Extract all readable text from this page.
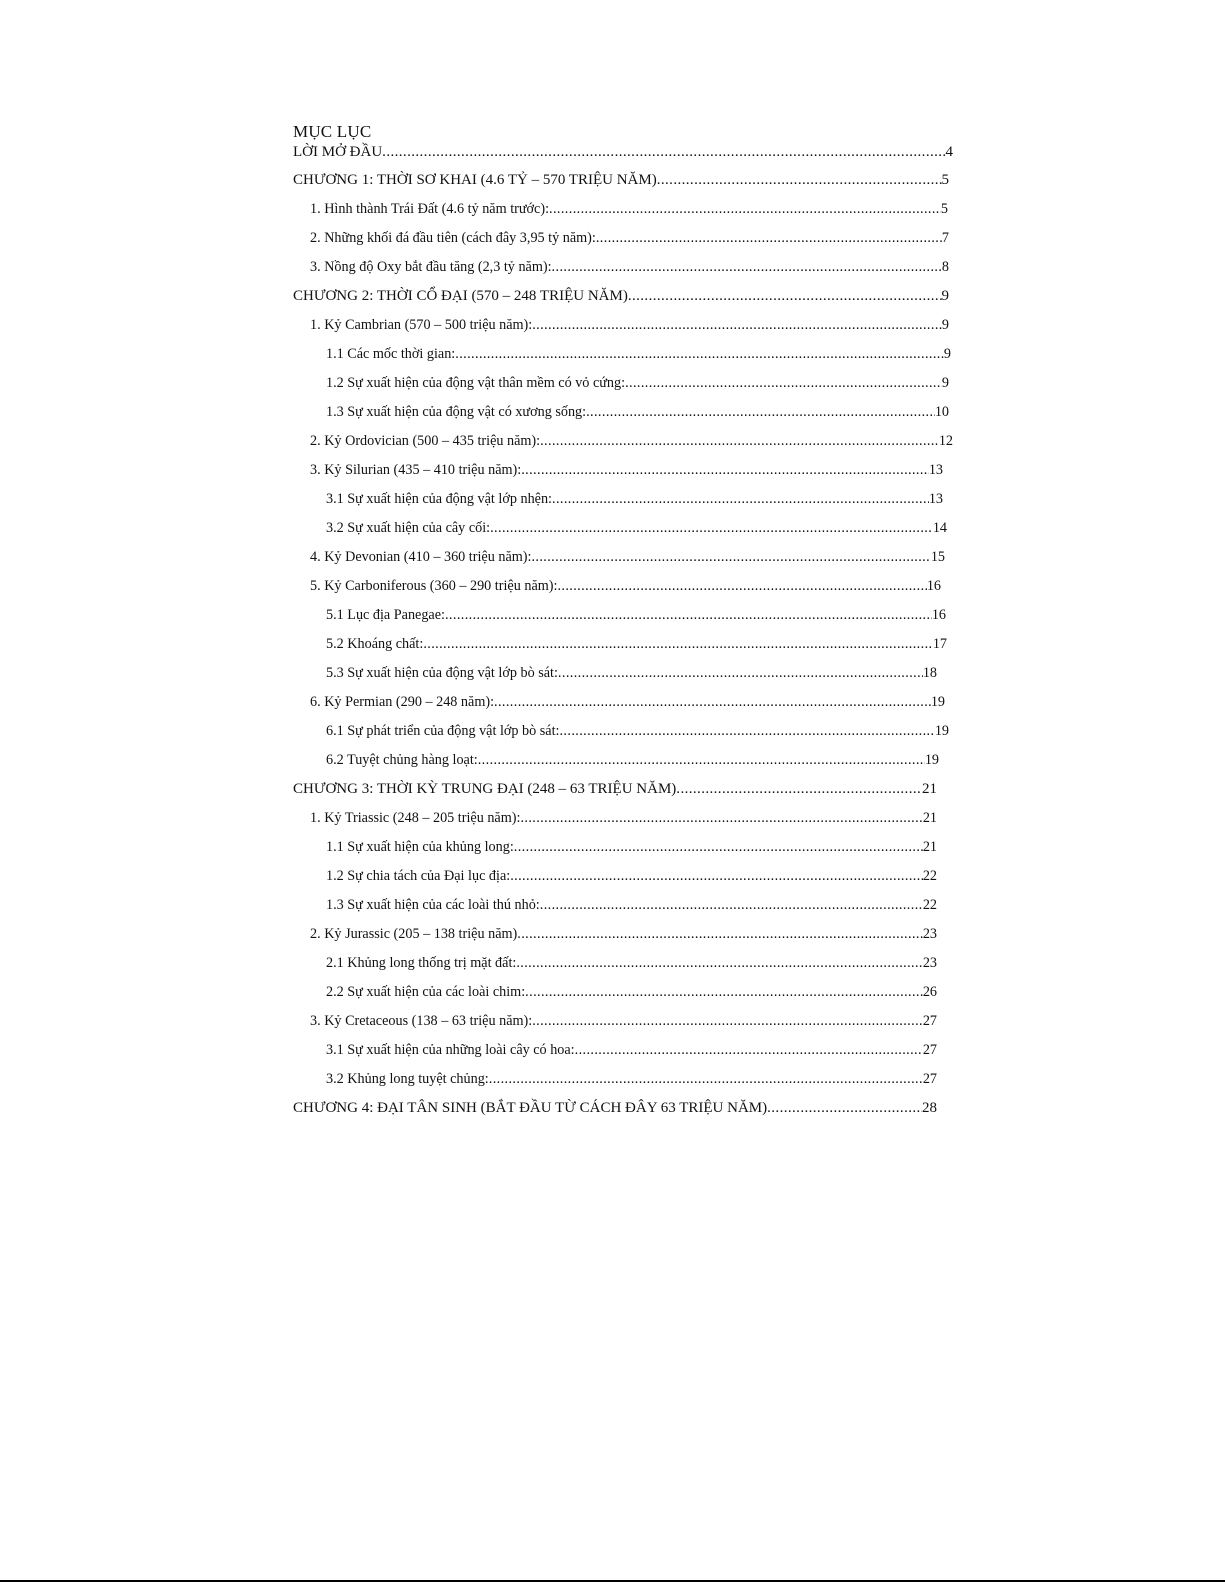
MỤC LỤC
LỜI MỞ ĐẦU .....	4
CHƯƠNG 1: THỜI SƠ KHAI (4.6 TỶ – 570 TRIỆU NĂM) .....	5
1. Hình thành Trái Đất (4.6 tỷ năm trước): .....	5
2. Những khối đá đầu tiên (cách đây 3,95 tỷ năm): .....	7
3. Nồng độ Oxy bắt đầu tăng (2,3 tỷ năm): .....	8
CHƯƠNG 2: THỜI CỔ ĐẠI (570 – 248 TRIỆU NĂM) .....	9
1. Kỷ Cambrian (570 – 500 triệu năm): .....	9
1.1 Các mốc thời gian: .....	9
1.2 Sự xuất hiện của động vật thân mềm có vỏ cứng: .....	9
1.3 Sự xuất hiện của động vật có xương sống: .....	10
2. Kỷ Ordovician (500 – 435 triệu năm): .....	12
3. Kỷ Silurian (435 – 410 triệu năm): .....	13
3.1 Sự xuất hiện của động vật lớp nhện: .....	13
3.2 Sự xuất hiện của cây cối: .....	14
4. Kỷ Devonian (410 – 360 triệu năm): .....	15
5. Kỷ Carboniferous (360 – 290 triệu năm): .....	16
5.1 Lục địa Panegae: .....	16
5.2 Khoáng chất: .....	17
5.3 Sự xuất hiện của động vật lớp bò sát: .....	18
6. Kỷ Permian (290 – 248 năm): .....	19
6.1 Sự phát triển của động vật lớp bò sát: .....	19
6.2 Tuyệt chủng hàng loạt: .....	19
CHƯƠNG 3: THỜI KỲ TRUNG ĐẠI (248 – 63 TRIỆU NĂM) .....	21
1. Kỷ Triassic (248 – 205 triệu năm): .....	21
1.1 Sự xuất hiện của khủng long: .....	21
1.2 Sự chia tách của Đại lục địa: .....	22
1.3 Sự xuất hiện của các loài thú nhỏ: .....	22
2. Kỷ Jurassic (205 – 138 triệu năm) .....	23
2.1 Khủng long thống trị mặt đất: .....	23
2.2 Sự xuất hiện của các loài chim: .....	26
3. Kỷ Cretaceous (138 – 63 triệu năm): .....	27
3.1 Sự xuất hiện của những loài cây có hoa: .....	27
3.2 Khủng long tuyệt chủng: .....	27
CHƯƠNG 4: ĐẠI TÂN SINH (BẮT ĐẦU TỪ CÁCH ĐÂY 63 TRIỆU NĂM) .....	28
